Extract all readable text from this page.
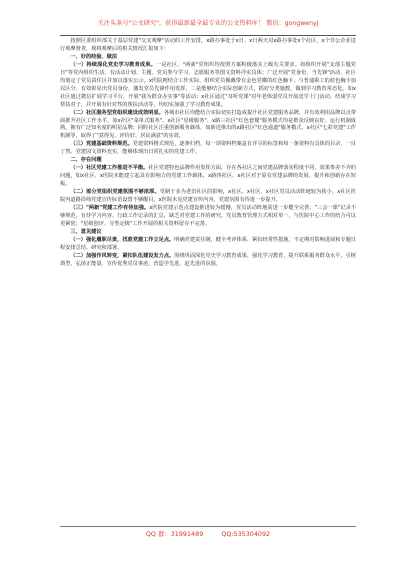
关注头条号"公文研究"，获得最新最全最专业的公文资料库！ 微信：gongwenyj

按照区委组织部关于基层党建"交叉观摩"活动的工作安排，x路办事处于x日、x日两天对x路办事处x个社区、x个非公企业进行观摩督查，现将观摩后的相关情况汇报如下：

一、好的经验、做法

（一）持续深化党史学习教育成果。一是社区、"两新"党组织均按照方案积极落实上级有关要求。如组织开展"支部主题党日"等党内组织生活，有活动计划、主题、党员参与学习、志愿服务等图文资料详实具体；广泛开展"党身份、当先锋"活动，社区均划定了党员责任区并加以落实公示，x医院则结合工作实际，组织党员佩戴带有金色党徽的红色胸卡，与普通职工的蓝色胸卡加以区分，有效彰显出党员身份，激发党员先锋作用发挥。二是能够结合实际创新方式，抓好分类施教，做到学习教育常态化。如x社区通过微信扩展学习平台，开展"我为群众办实事"等活动；x社区通过"耳听党课"对年老体弱党员开展送学上门活动，结成学习帮扶对子，并开展有针对性的帮扶活动等，均切实加强了学习教育成果。

（二）社区服务型党组织建设成效明显。各城市社区均能结合实际切实打造或提升社区党建服务品牌，并有效利用品牌以点带面推升社区工作水平。如x社区"菜单式服务"、x社区"星级服务"、x路三社区"红色套餐"服务模式均是群众反映良好、运行机制成熟、拥有广泛知名度的明星品牌；同时社区注重创新服务载体，如新近推出的x路社区"红色通道"服务模式、x社区"七彩党建"工作机制等，取得了"意得见、评价好、居民满意"的实效。

（三）党建基础资料规范。党建资料格式规范，逐条归档，每一项资料档案盒有详尽的标签和每一条资料有具体的目录，一目了然。党建园文资料充实，能够体现出日常扎实的党建工作。

二、存在问题

（一）社区党建工作推进不平衡。社区党建特色品牌作用发挥方面，存在各社区之间党建品牌落实程度不同，效果参差不齐的问题，如x社区、x医院未能建立起具有影响力的党建工作载体，x路四社区、x社区对于原有党建品牌的发展、提升和创新存在短板。

（二）部分党组织党建氛围不够浓厚。受制于多为老旧社区的影响，x社区、x社区、x社区党员活动阵地较为狭小，x社区医院内道路沿线党建宣传标语设置不够醒目，x医院未见党建宣传内容，党建氛围有待进一步提升。

（三）"两新"党建工作有待加强。x医院党建示范点建设推进较为缓慢，党员活动阵地需进一步健全完善；"三会一课"记录不够规范，有待学习内容、行政工作记录的汇总，缺乏对党建工作的研究。党员教育管理方式相对单一，与医院中心工作的结合可以更紧密；"星级创评、分类定级"工作开展的相关资料留存不完善。

三、意见建议

（一）强化履职尽责，找准党建工作立足点。明确党建责任制，健全考评体系，紧扣经常性措施，不定期对影响进展和专题日程安排总结、研究和部署。

（二）加强作风转变，紧扣队伍建设发力点。围绕巩固深化党史学习教育成果，强化学习教育，提升联系服务群众水平，引树典型，弘扬正能量，宣传优秀党员事迹。营造学先进、赶先进的氛围。

QQ 群：31991489	QQ:535304092
